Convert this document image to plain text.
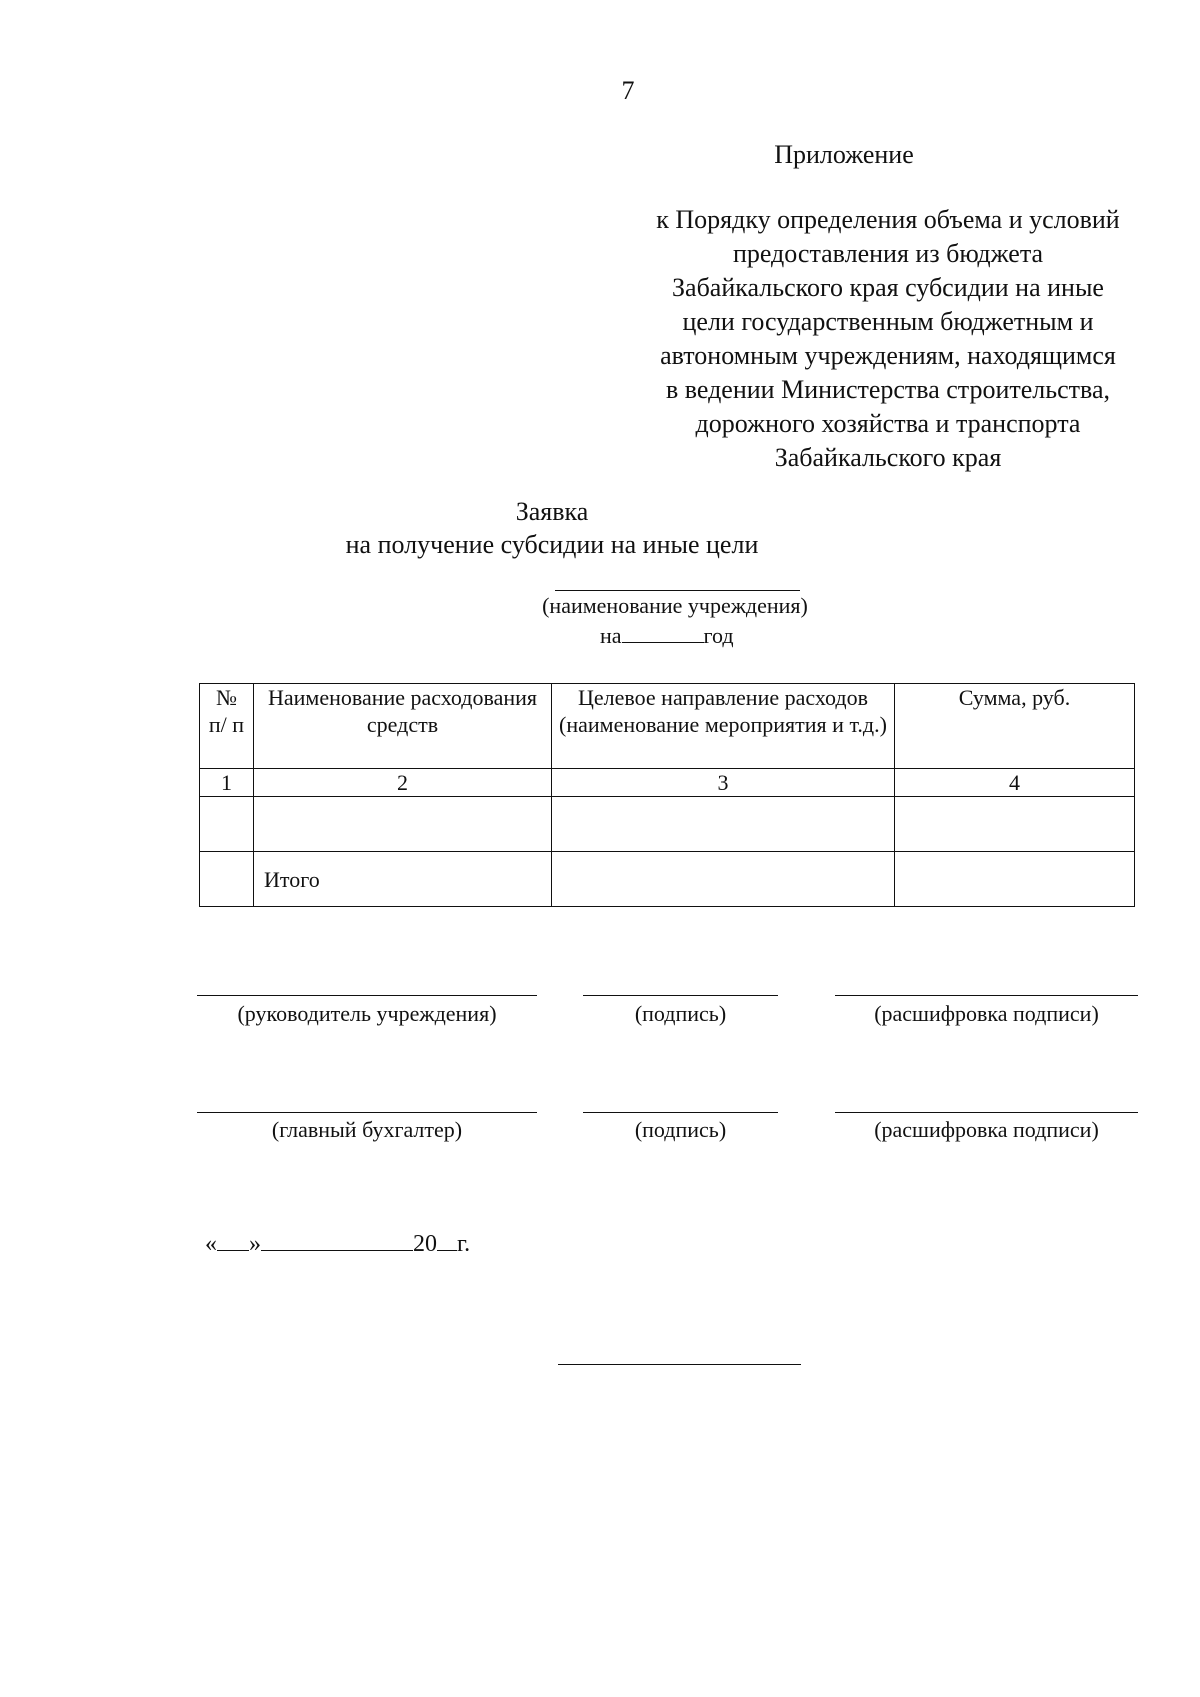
7
Приложение
к Порядку определения объема и условий
предоставления из бюджета
Забайкальского края субсидии на иные
цели государственным бюджетным и
автономным учреждениям, находящимся
в ведении Министерства строительства,
дорожного хозяйства и транспорта
Забайкальского края
Заявка
на получение субсидии на иные цели
(наименование учреждения)
на	год
№ п/ п	Наименование расходования средств	Целевое направление расходов (наименование мероприятия и т.д.)	Сумма, руб.
1	2	3	4

	Итого		
(руководитель учреждения)	(подпись)	(расшифровка подписи)
(главный бухгалтер)	(подпись)	(расшифровка подписи)
« »	20 г.
